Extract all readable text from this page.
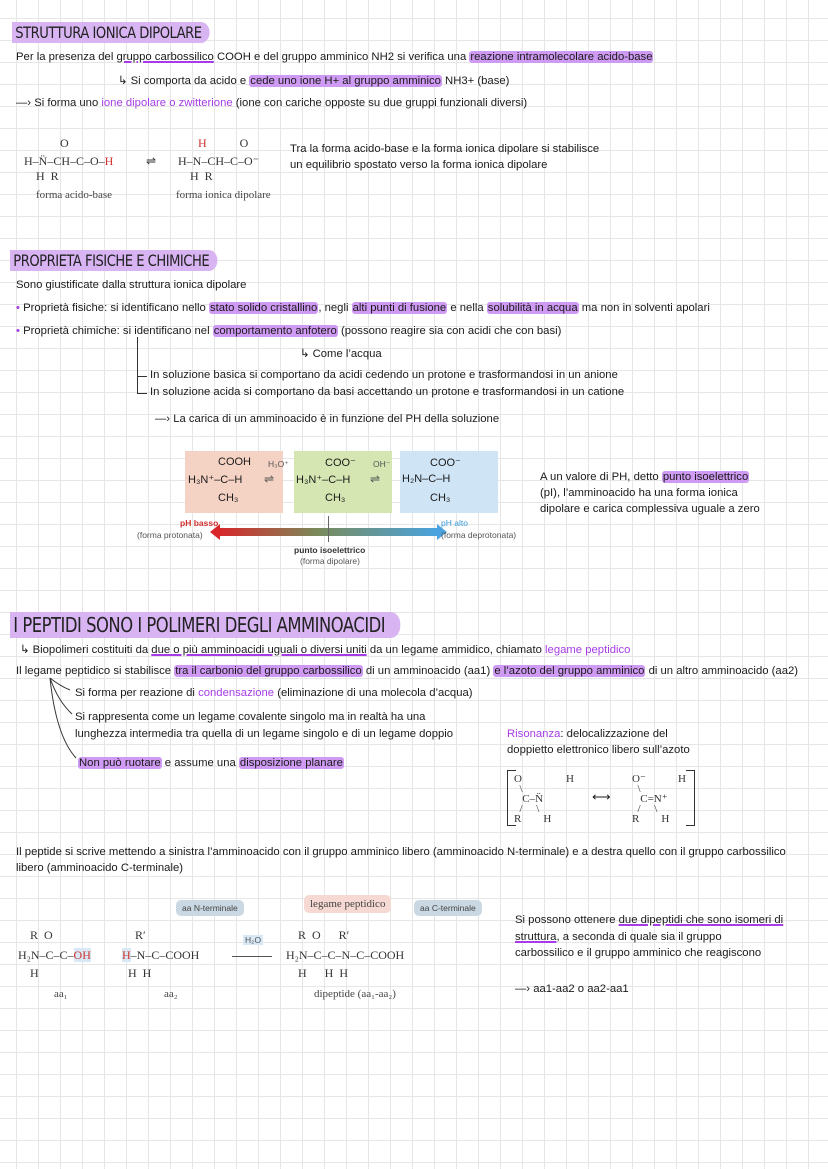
STRUTTURA IONICA DIPOLARE
Per la presenza del gruppo carbossilico COOH e del gruppo amminico NH2 si verifica una reazione intramolecolare acido-base
↳ Si comporta da acido e cede uno ione H+ al gruppo amminico NH3+ (base)
—› Si forma uno ione dipolare o zwitterione (ione con cariche opposte su due gruppi funzionali diversi)
O
H–N̈–CH–C–O–H
H  R
forma acido-base
⇌
H           O
H–N–CH–C–O⁻
H  R
forma ionica dipolare
Tra la forma acido-base e la forma ionica dipolare si stabilisce
un equilibrio spostato verso la forma ionica dipolare
PROPRIETA FISICHE E CHIMICHE
Sono giustificate dalla struttura ionica dipolare
• Proprietà fisiche: si identificano nello stato solido cristallino, negli alti punti di fusione e nella solubilità in acqua ma non in solventi apolari
• Proprietà chimiche: si identificano nel comportamento anfotero (possono reagire sia con acidi che con basi)
↳ Come l’acqua
In soluzione basica si comportano da acidi cedendo un protone e trasformandosi in un anione
In soluzione acida si comportano da basi accettando un protone e trasformandosi in un catione
—› La carica di un amminoacido è in funzione del PH della soluzione
COOH
H₃N⁺–C–H
CH₃
COO⁻
H₃N⁺–C–H
CH₃
COO⁻
H₂N–C–H
CH₃
H₃O⁺
⇌
OH⁻
⇌
pH basso
(forma protonata)
pH alto
(forma deprotonata)
punto isoelettrico
(forma dipolare)
A un valore di PH, detto punto isoelettrico
(pI), l’amminoacido ha una forma ionica
dipolare e carica complessiva uguale a zero
I PEPTIDI SONO I POLIMERI DEGLI AMMINOACIDI
↳ Biopolimeri costituiti da due o più amminoacidi uguali o diversi uniti da un legame ammidico, chiamato legame peptidico
Il legame peptidico si stabilisce tra il carbonio del gruppo carbossilico di un amminoacido (aa1) e l’azoto del gruppo amminico di un altro amminoacido (aa2)
Si forma per reazione di condensazione (eliminazione di una molecola d’acqua)
Si rappresenta come un legame covalente singolo ma in realtà ha una
lunghezza intermedia tra quella di un legame singolo e di un legame doppio
Non può ruotare e assume una disposizione planare
Risonanza: delocalizzazione del
doppietto elettronico libero sull’azoto
O
\
C–N̈
/     \
R        H
H
⟷
O⁻
\
C=N⁺
/     \
R        H
H
Il peptide si scrive mettendo a sinistra l’amminoacido con il gruppo amminico libero (amminoacido N-terminale) e a destra quello con il gruppo carbossilico
libero (amminoacido C-terminale)
aa N-terminale	legame peptidico	aa C-terminale
R  O
H₂N–C–C–OH
H
R′
H–N–C–COOH
H  H
H₂O R  O      R′
H₂N–C–C–N–C–COOH
H      H  H
aa₁	aa₂	dipeptide (aa₁-aa₂)
Si possono ottenere due dipeptidi che sono isomeri di
struttura, a seconda di quale sia il gruppo
carbossilico e il gruppo amminico che reagiscono
—› aa1-aa2 o aa2-aa1
